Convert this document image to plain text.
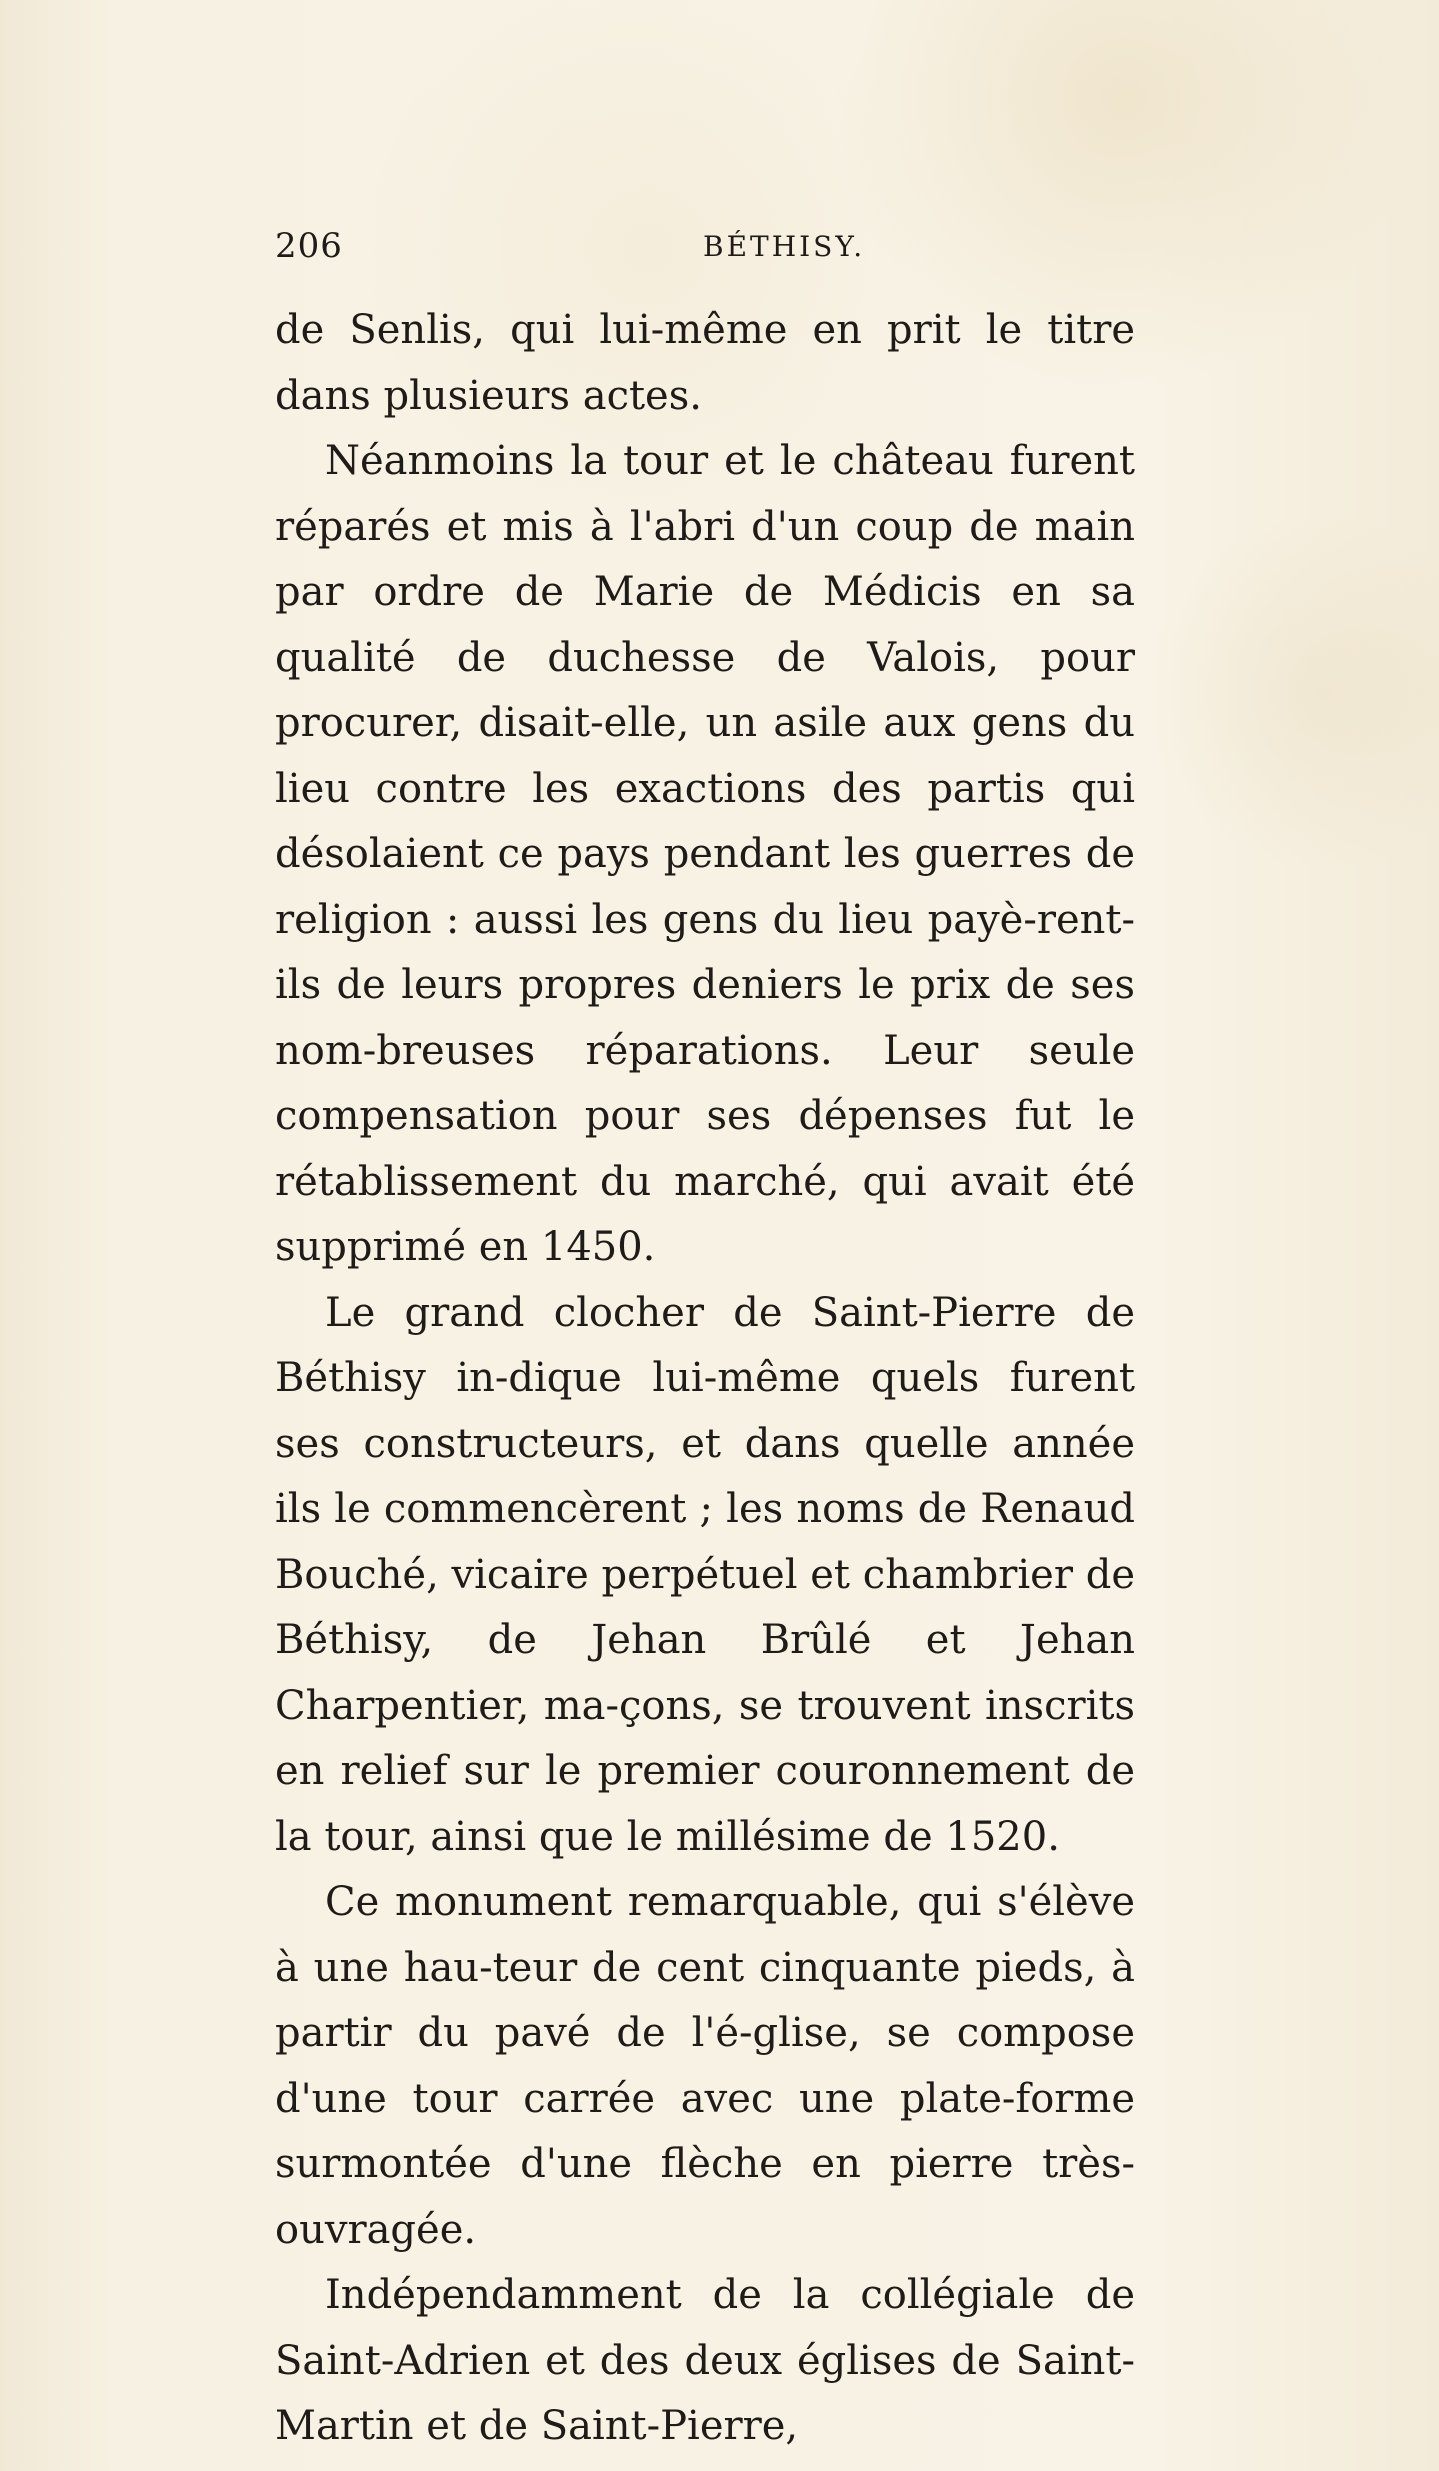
206	BÉTHISY.

de Senlis, qui lui-même en prit le titre dans plusieurs actes.

Néanmoins la tour et le château furent réparés et mis à l'abri d'un coup de main par ordre de Marie de Médicis en sa qualité de duchesse de Valois, pour procurer, disait-elle, un asile aux gens du lieu contre les exactions des partis qui désolaient ce pays pendant les guerres de religion : aussi les gens du lieu payè-rent-ils de leurs propres deniers le prix de ses nom-breuses réparations. Leur seule compensation pour ses dépenses fut le rétablissement du marché, qui avait été supprimé en 1450.

Le grand clocher de Saint-Pierre de Béthisy in-dique lui-même quels furent ses constructeurs, et dans quelle année ils le commencèrent ; les noms de Renaud Bouché, vicaire perpétuel et chambrier de Béthisy, de Jehan Brûlé et Jehan Charpentier, ma-çons, se trouvent inscrits en relief sur le premier couronnement de la tour, ainsi que le millésime de 1520.

Ce monument remarquable, qui s'élève à une hau-teur de cent cinquante pieds, à partir du pavé de l'é-glise, se compose d'une tour carrée avec une plate-forme surmontée d'une flèche en pierre très-ouvragée.

Indépendamment de la collégiale de Saint-Adrien et des deux églises de Saint-Martin et de Saint-Pierre,
